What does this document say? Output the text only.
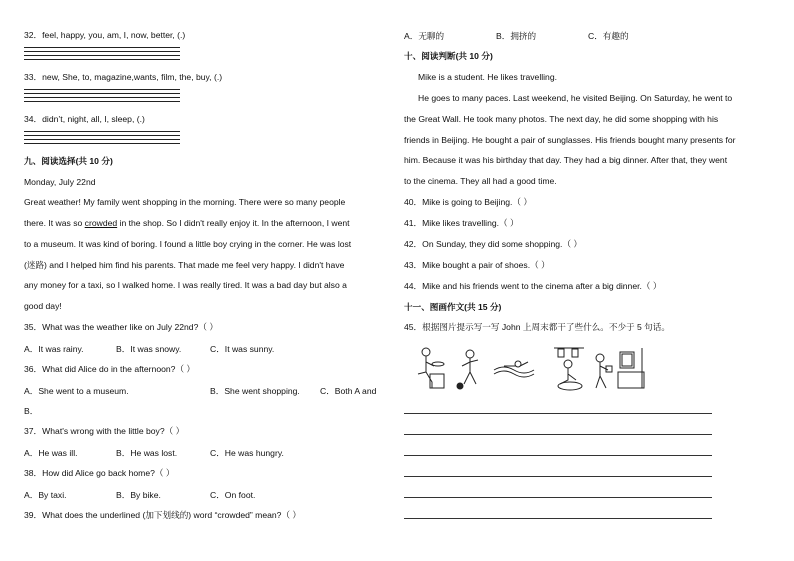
32．feel, happy, you, am, I, now, better, (.)
33．new, She, to, magazine,wants, film, the, buy, (.)
34．didn’t, night, all, I, sleep, (.)
九、阅读选择(共 10 分)
Monday, July 22nd
Great weather! My family went shopping in the morning. There were so many people
there. It was so crowded in the shop. So I didn't really enjoy it. In the afternoon, I went
to a museum. It was kind of boring. I found a little boy crying in the corner. He was lost
(迷路) and I helped him find his parents. That made me feel very happy. I didn't have
any money for a taxi, so I walked home. I was really tired. It was a bad day but also a
good day!
35．What was the weather like on July 22nd?（ ）
A．It was rainy.	B．It was snowy.	C．It was sunny.
36．What did Alice do in the afternoon?（ ）
A．She went to a museum.	B．She went shopping. C．Both A and
B．
37．What's wrong with the little boy?（ ）
A．He was ill.	B．He was lost.	C．He was hungry.
38．How did Alice go back home?（ ）
A．By taxi.	B．By bike.	C．On foot.
39．What does the underlined (加下划线的) word “crowded” mean?（ ）
A．无聊的	B．拥挤的	C．有趣的
十、阅读判断(共 10 分)
Mike is a student. He likes travelling.
He goes to many paces. Last weekend, he visited Beijing. On Saturday, he went to
the Great Wall. He took many photos. The next day, he did some shopping with his
friends in Beijing. He bought a pair of sunglasses. His friends bought many presents for
him. Because it was his birthday that day. They had a big dinner. After that, they went
to the cinema. They all had a good time.
40．Mike is going to Beijing.（ ）
41．Mike likes travelling.（ ）
42．On Sunday, they did some shopping.（ ）
43．Mike bought a pair of shoes.（ ）
44．Mike and his friends went to the cinema after a big dinner.（ ）
十一、图画作文(共 15 分)
45．根据图片提示写一写 John 上周末都干了些什么。不少于 5 句话。
